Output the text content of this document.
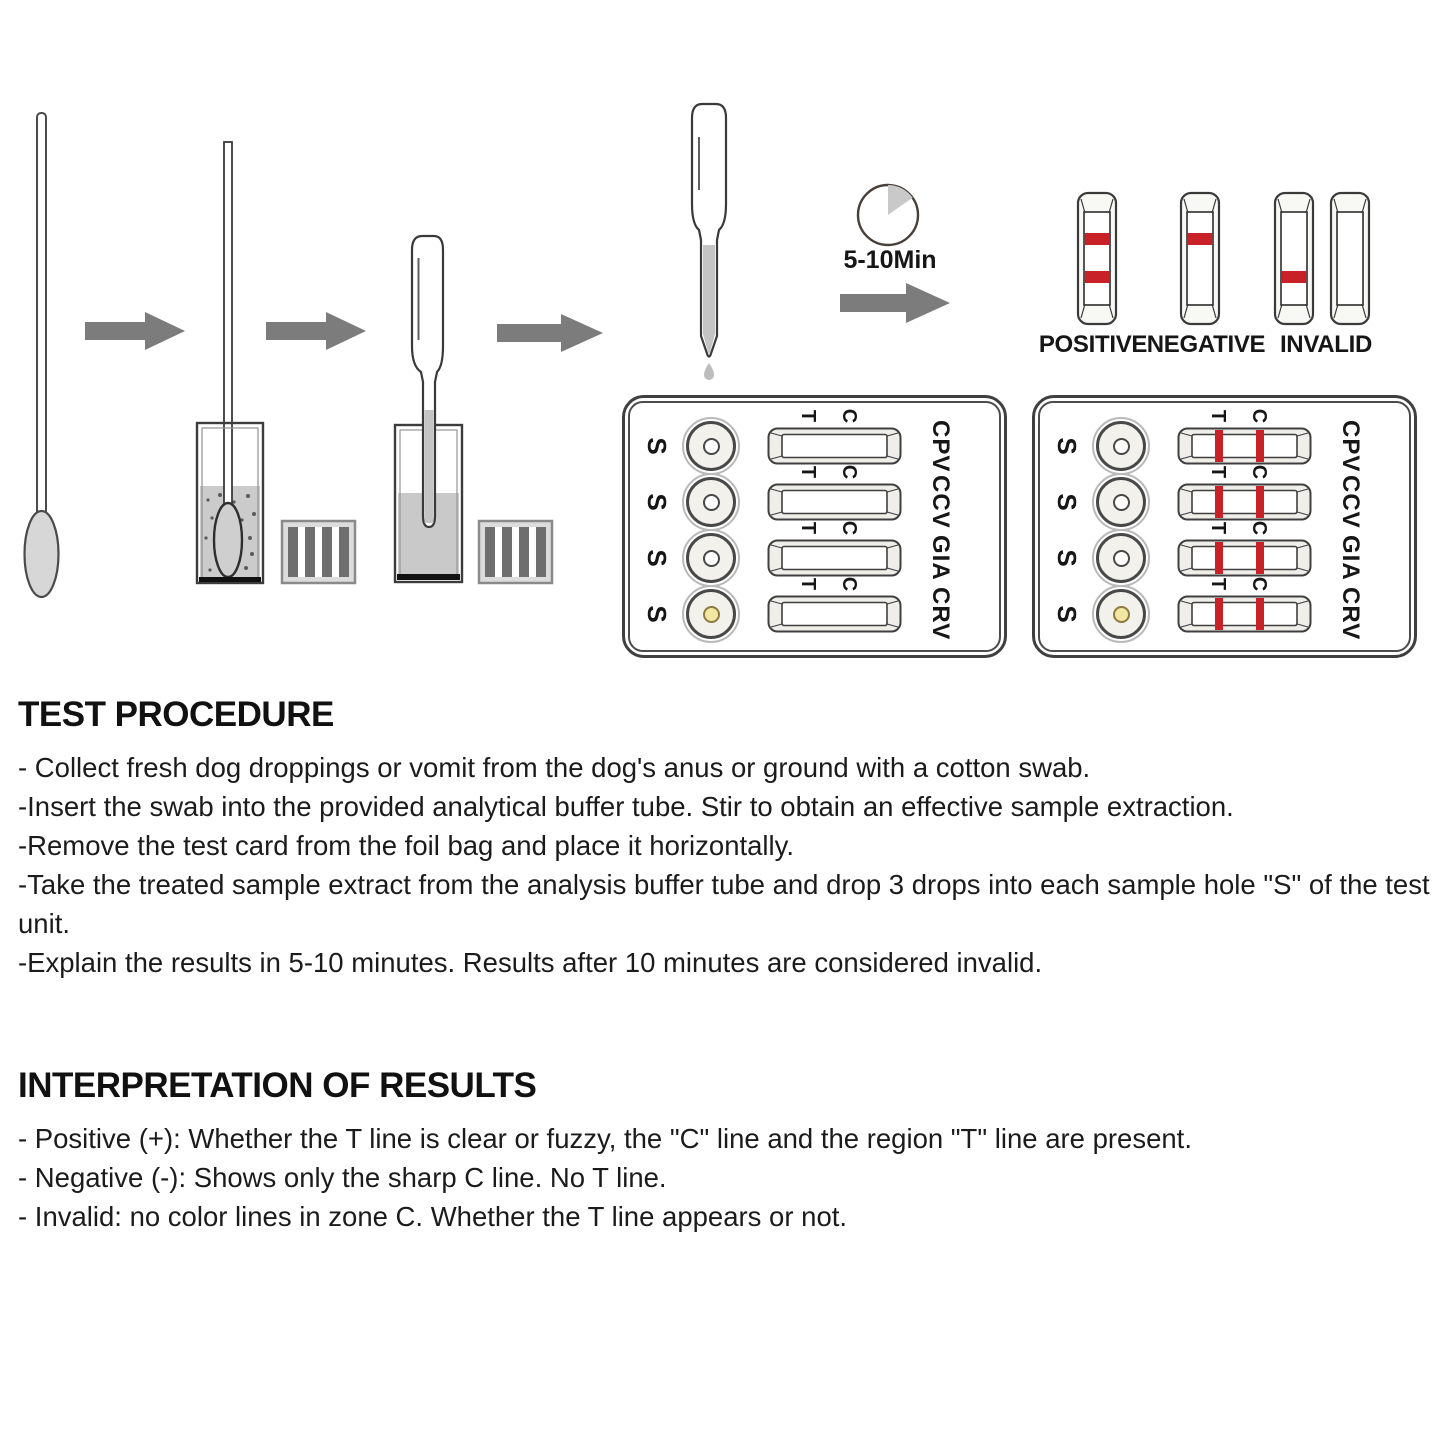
5-10Min
POSITIVE NEGATIVE INVALID
S
T C
CPV
S
T C
CCV
S
T C
GIA
S
T C
CRV
S
T C
CPV
S
T C
CCV
S
T C
GIA
S
T C
CRV
TEST PROCEDURE

- Collect fresh dog droppings or vomit from the dog's anus or ground with a cotton swab.

-Insert the swab into the provided analytical buffer tube. Stir to obtain an effective sample extraction.

-Remove the test card from the foil bag and place it horizontally.

-Take the treated sample extract from the analysis buffer tube and drop 3 drops into each sample hole "S" of the test unit.

-Explain the results in 5-10 minutes. Results after 10 minutes are considered invalid.

INTERPRETATION OF RESULTS

- Positive (+): Whether the T line is clear or fuzzy, the "C" line and the region "T" line are present.

- Negative (-): Shows only the sharp C line. No T line.

- Invalid: no color lines in zone C. Whether the T line appears or not.
